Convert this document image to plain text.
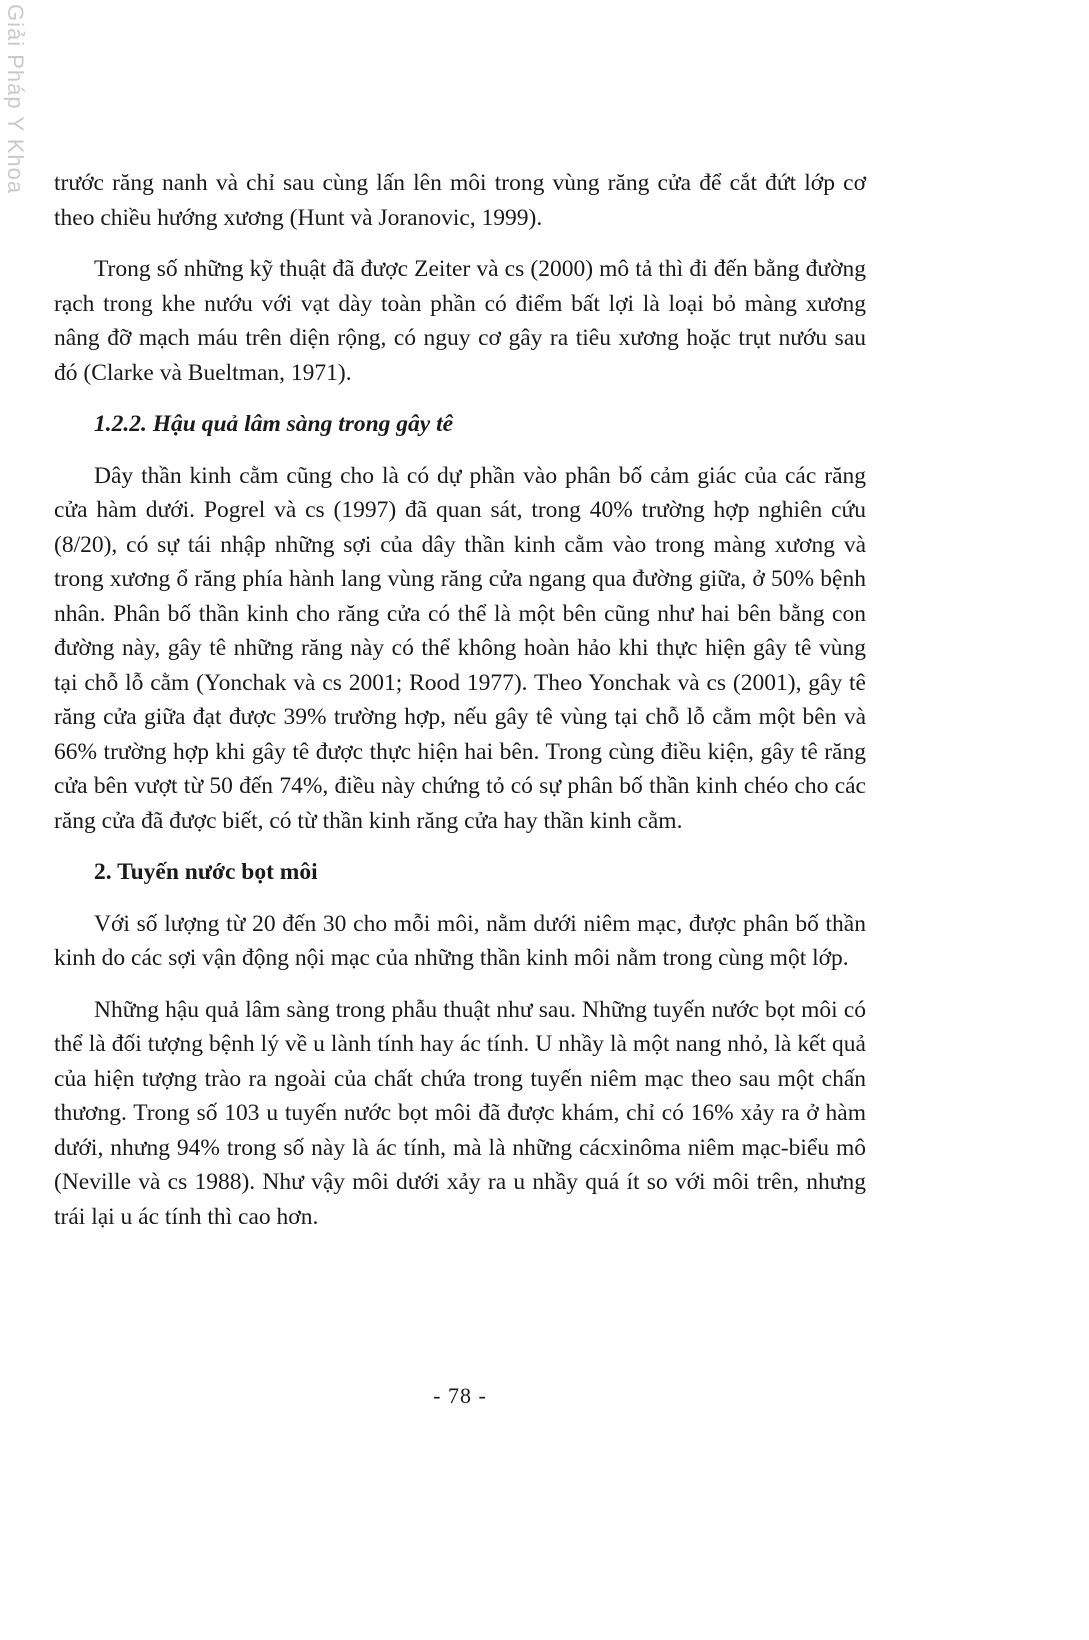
Giải Pháp Y Khoa trước răng nanh và chỉ sau cùng lấn lên môi trong vùng răng cửa để cắt đứt lớp cơ theo chiều hướng xương (Hunt và Joranovic, 1999).

Trong số những kỹ thuật đã được Zeiter và cs (2000) mô tả thì đi đến bằng đường rạch trong khe nướu với vạt dày toàn phần có điểm bất lợi là loại bỏ màng xương nâng đỡ mạch máu trên diện rộng, có nguy cơ gây ra tiêu xương hoặc trụt nướu sau đó (Clarke và Bueltman, 1971).

1.2.2. Hậu quả lâm sàng trong gây tê

Dây thần kinh cằm cũng cho là có dự phần vào phân bố cảm giác của các răng cửa hàm dưới. Pogrel và cs (1997) đã quan sát, trong 40% trường hợp nghiên cứu (8/20), có sự tái nhập những sợi của dây thần kinh cằm vào trong màng xương và trong xương ổ răng phía hành lang vùng răng cửa ngang qua đường giữa, ở 50% bệnh nhân. Phân bố thần kinh cho răng cửa có thể là một bên cũng như hai bên bằng con đường này, gây tê những răng này có thể không hoàn hảo khi thực hiện gây tê vùng tại chỗ lỗ cằm (Yonchak và cs 2001; Rood 1977). Theo Yonchak và cs (2001), gây tê răng cửa giữa đạt được 39% trường hợp, nếu gây tê vùng tại chỗ lỗ cằm một bên và 66% trường hợp khi gây tê được thực hiện hai bên. Trong cùng điều kiện, gây tê răng cửa bên vượt từ 50 đến 74%, điều này chứng tỏ có sự phân bố thần kinh chéo cho các răng cửa đã được biết, có từ thần kinh răng cửa hay thần kinh cằm.

2. Tuyến nước bọt môi

Với số lượng từ 20 đến 30 cho mỗi môi, nằm dưới niêm mạc, được phân bố thần kinh do các sợi vận động nội mạc của những thần kinh môi nằm trong cùng một lớp.

Những hậu quả lâm sàng trong phẫu thuật như sau. Những tuyến nước bọt môi có thể là đối tượng bệnh lý về u lành tính hay ác tính. U nhầy là một nang nhỏ, là kết quả của hiện tượng trào ra ngoài của chất chứa trong tuyến niêm mạc theo sau một chấn thương. Trong số 103 u tuyến nước bọt môi đã được khám, chỉ có 16% xảy ra ở hàm dưới, nhưng 94% trong số này là ác tính, mà là những cácxinôma niêm mạc-biểu mô (Neville và cs 1988). Như vậy môi dưới xảy ra u nhầy quá ít so với môi trên, nhưng trái lại u ác tính thì cao hơn.

- 78 -
